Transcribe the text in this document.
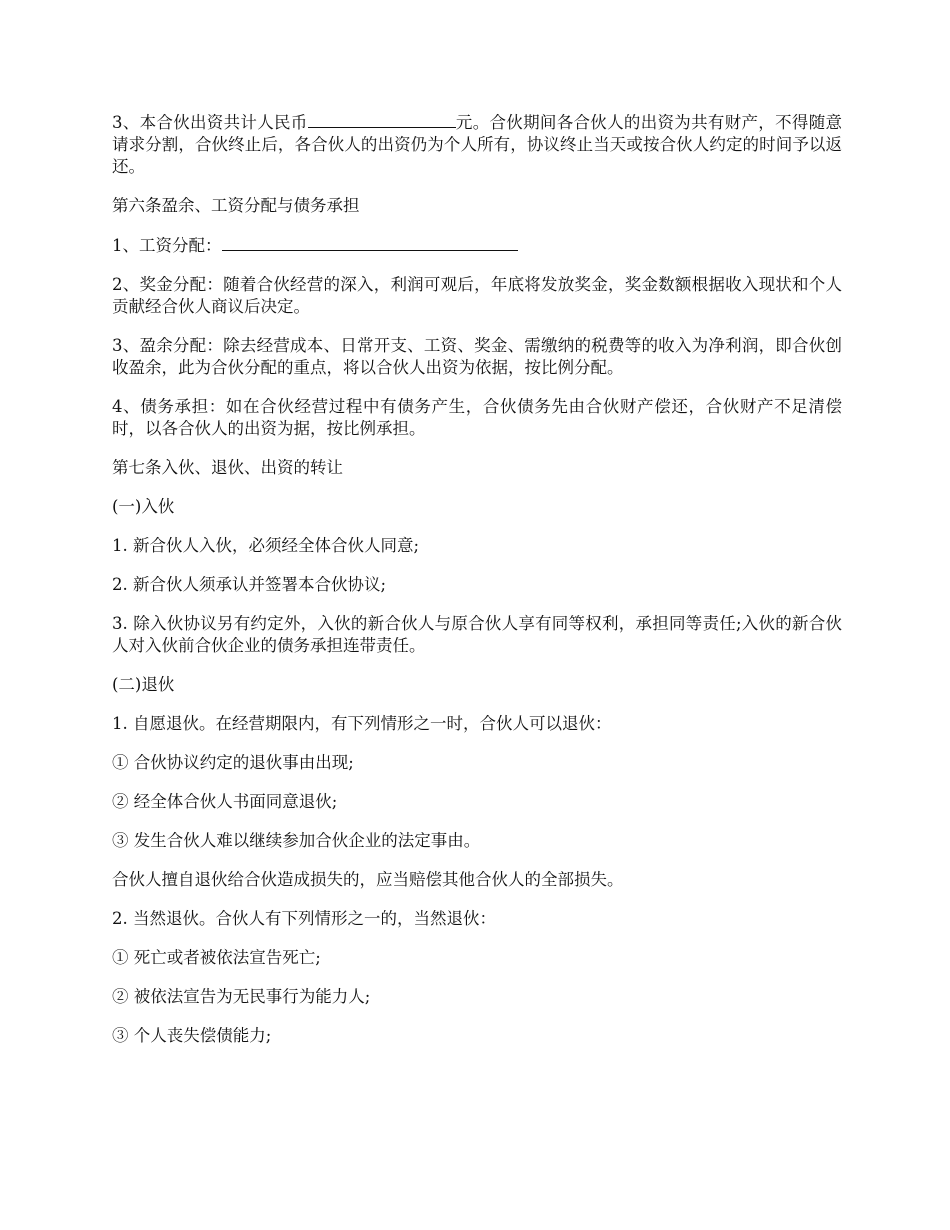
3、本合伙出资共计人民币	元。合伙期间各合伙人的出资为共有财产，不得随意请求分割，合伙终止后，各合伙人的出资仍为个人所有，协议终止当天或按合伙人约定的时间予以返还。

第六条盈余、工资分配与债务承担

1、工资分配：

2、奖金分配：随着合伙经营的深入，利润可观后，年底将发放奖金，奖金数额根据收入现状和个人贡献经合伙人商议后决定。

3、盈余分配：除去经营成本、日常开支、工资、奖金、需缴纳的税费等的收入为净利润，即合伙创收盈余，此为合伙分配的重点，将以合伙人出资为依据，按比例分配。

4、债务承担：如在合伙经营过程中有债务产生，合伙债务先由合伙财产偿还，合伙财产不足清偿时，以各合伙人的出资为据，按比例承担。

第七条入伙、退伙、出资的转让

(一)入伙

1. 新合伙人入伙，必须经全体合伙人同意;

2. 新合伙人须承认并签署本合伙协议;

3. 除入伙协议另有约定外，入伙的新合伙人与原合伙人享有同等权利，承担同等责任;入伙的新合伙人对入伙前合伙企业的债务承担连带责任。

(二)退伙

1. 自愿退伙。在经营期限内，有下列情形之一时，合伙人可以退伙：

① 合伙协议约定的退伙事由出现;

② 经全体合伙人书面同意退伙;

③ 发生合伙人难以继续参加合伙企业的法定事由。

合伙人擅自退伙给合伙造成损失的，应当赔偿其他合伙人的全部损失。

2. 当然退伙。合伙人有下列情形之一的，当然退伙：

① 死亡或者被依法宣告死亡;

② 被依法宣告为无民事行为能力人;

③ 个人丧失偿债能力;
